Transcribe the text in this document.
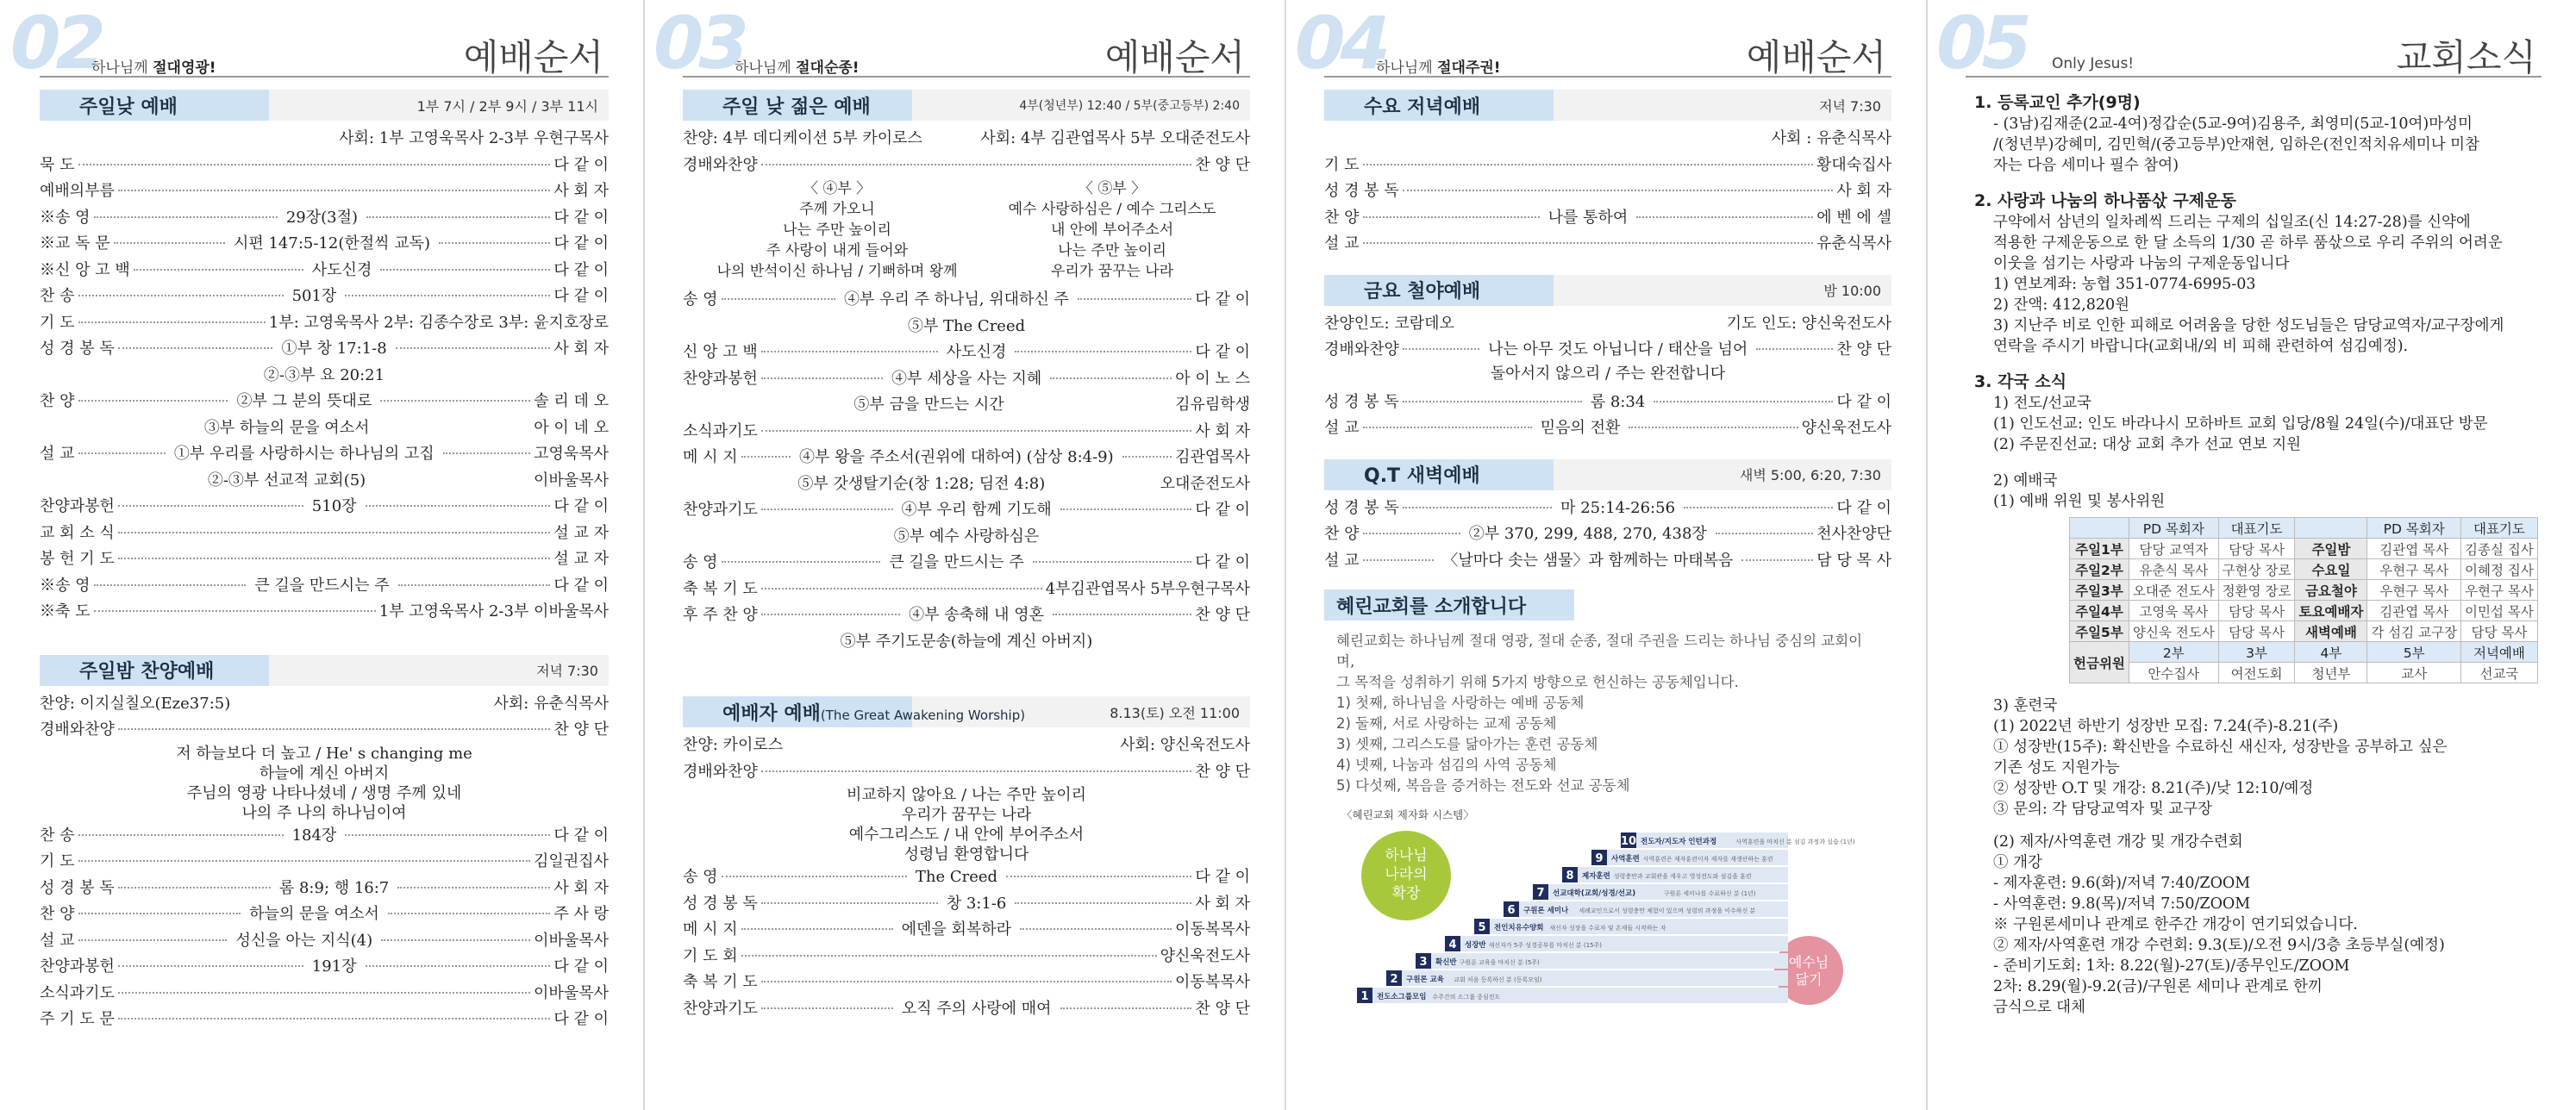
02
하나님께 절대영광!	예배순서
주일낮 예배	1부 7시 / 2부 9시 / 3부 11시
사회: 1부 고영욱목사 2-3부 우현구목사
묵 도	다 같 이
예배의부름	사 회 자
※송 영	29장(3절)	다 같 이
※교 독 문	시편 147:5-12(한절씩 교독)	다 같 이
※신 앙 고 백	사도신경	다 같 이
찬 송	501장	다 같 이
기 도	1부: 고영욱목사 2부: 김종수장로 3부: 윤지호장로
성 경 봉 독	①부 창 17:1-8	사 회 자
②-③부 요 20:21
찬 양	②부 그 분의 뜻대로	솔 리 데 오
③부 하늘의 문을 여소서	아 이 네 오
설 교	①부 우리를 사랑하시는 하나님의 고집	고영욱목사
②-③부 선교적 교회(5)	이바울목사
찬양과봉헌	510장	다 같 이
교 회 소 식	설 교 자
봉 헌 기 도	설 교 자
※송 영	큰 길을 만드시는 주	다 같 이
※축 도	1부 고영욱목사 2-3부 이바울목사
주일밤 찬양예배	저녁 7:30
찬양: 이지실칠오(Eze37:5)	사회: 유춘식목사
경배와찬양	찬 양 단
저 하늘보다 더 높고 / He' s changing me
하늘에 계신 아버지
주님의 영광 나타나셨네 / 생명 주께 있네
나의 주 나의 하나님이여
찬 송	184장	다 같 이
기 도	김일권집사
성 경 봉 독	롬 8:9; 행 16:7	사 회 자
찬 양	하늘의 문을 여소서	주 사 랑
설 교	성신을 아는 지식(4)	이바울목사
찬양과봉헌	191장	다 같 이
소식과기도	이바울목사
주 기 도 문	다 같 이
03
하나님께 절대순종!	예배순서
주일 낮 젊은 예배	4부(청년부) 12:40 / 5부(중고등부) 2:40
찬양: 4부 데디케이션 5부 카이로스	사회: 4부 김관엽목사 5부 오대준전도사
경배와찬양	찬 양 단
〈 ④부 〉
주께 가오니
나는 주만 높이리
주 사랑이 내게 들어와
나의 반석이신 하나님 / 기뻐하며 왕께
〈 ⑤부 〉
예수 사랑하심은 / 예수 그리스도
내 안에 부어주소서
나는 주만 높이리
우리가 꿈꾸는 나라
송 영	④부 우리 주 하나님, 위대하신 주	다 같 이
⑤부 The Creed
신 앙 고 백	사도신경	다 같 이
찬양과봉헌	④부 세상을 사는 지혜	아 이 노 스
⑤부 금을 만드는 시간	김유림학생
소식과기도	사 회 자
메 시 지	④부 왕을 주소서(권위에 대하여) (삼상 8:4-9)	김관엽목사
⑤부 갓생탈기순(창 1:28; 딤전 4:8)	오대준전도사
찬양과기도	④부 우리 함께 기도해	다 같 이
⑤부 예수 사랑하심은
송 영	큰 길을 만드시는 주	다 같 이
축 복 기 도	4부김관엽목사 5부우현구목사
후 주 찬 양	④부 송축해 내 영혼	찬 양 단
⑤부 주기도문송(하늘에 계신 아버지)
예배자 예배(The Great Awakening Worship)	8.13(토) 오전 11:00
찬양: 카이로스	사회: 양신욱전도사
경배와찬양	찬 양 단
비교하지 않아요 / 나는 주만 높이리
우리가 꿈꾸는 나라
예수그리스도 / 내 안에 부어주소서
성령님 환영합니다
송 영	The Creed	다 같 이
성 경 봉 독	창 3:1-6	사 회 자
메 시 지	에덴을 회복하라	이동복목사
기 도 회	양신욱전도사
축 복 기 도	이동복목사
찬양과기도	오직 주의 사랑에 매여	찬 양 단
04
하나님께 절대주권!	예배순서
수요 저녁예배	저녁 7:30
사회 : 유춘식목사
기 도	황대숙집사
성 경 봉 독	사 회 자
찬 양	나를 통하여	에 벤 에 셀
설 교	유춘식목사
금요 철야예배	밤 10:00
찬양인도: 코람데오	기도 인도: 양신욱전도사
경배와찬양	나는 아무 것도 아닙니다 / 태산을 넘어	찬 양 단
돌아서지 않으리 / 주는 완전합니다
성 경 봉 독	롬 8:34	다 같 이
설 교	믿음의 전환	양신욱전도사
Q.T 새벽예배	새벽 5:00, 6:20, 7:30
성 경 봉 독	마 25:14-26:56	다 같 이
찬 양	②부 370, 299, 488, 270, 438장	천사찬양단
설 교	〈날마다 솟는 샘물〉과 함께하는 마태복음	담 당 목 사
혜린교회를 소개합니다
혜린교회는 하나님께 절대 영광, 절대 순종, 절대 주권을 드리는 하나님 중심의 교회이며,
그 목적을 성취하기 위해 5가지 방향으로 헌신하는 공동체입니다.
1) 첫째, 하나님을 사랑하는 예배 공동체
2) 둘째, 서로 사랑하는 교제 공동체
3) 셋째, 그리스도를 닮아가는 훈련 공동체
4) 넷째, 나눔과 섬김의 사역 공동체
5) 다섯째, 복음을 증거하는 전도와 선교 공동체
〈혜린교회 제자화 시스템〉
하나님
나라의
확장
예수님
닮기
1 전도소그룹모임 수주간의 소그룹 중심전도
2 구원론 교육 교회 처음 등록하신 분 (등록모임)
3 확신반 구원론 교육을 마치신 분 (5주)
4 성장반 새신자가 5주 성경공부를 마치신 분 (15주)
5 전인치유수양회 새신자 성장을 수료자 및 온세들 시작하는 자
6 구원론 세미나 세례교인으로서 성령충만 체험이 있으며 성령의 과정을 이수하신 분
7 선교대학(교회/성경/선교)	구원론 세미나를 수료하신 분 (1년)
8 제자훈련 성령충만과 교회관을 세우고 영성전도와 섬김을 훈련
9 사역훈련 사역훈련은 제자훈련이자 제자를 재생산하는 훈련
10 전도자/지도자 인턴과정	사역훈련을 마치신 분 섬김 과정과 실습 (1년)
05 Only Jesus!	교회소식
1. 등록교인 추가(9명)
- (3남)김재준(2교-4여)정갑순(5교-9여)김용주, 최영미(5교-10여)마성미
/(청년부)강혜미, 김민혁/(중고등부)안재현, 임하은(전인적치유세미나 미참
자는 다음 세미나 필수 참여)
2. 사랑과 나눔의 하나품삯 구제운동
구약에서 삼년의 일차례씩 드리는 구제의 십일조(신 14:27-28)를 신약에
적용한 구제운동으로 한 달 소득의 1/30 곧 하루 품삯으로 우리 주위의 어려운
이웃을 섬기는 사랑과 나눔의 구제운동입니다
1) 연보계좌: 농협 351-0774-6995-03
2) 잔액: 412,820원
3) 지난주 비로 인한 피해로 어려움을 당한 성도님들은 담당교역자/교구장에게
연락을 주시기 바랍니다(교회내/외 비 피해 관련하여 섬김예정).
3. 각국 소식
1) 전도/선교국
(1) 인도선교: 인도 바라나시 모하바트 교회 입당/8월 24일(수)/대표단 방문
(2) 주문진선교: 대상 교회 추가 선교 연보 지원
2) 예배국
(1) 예배 위원 및 봉사위원
	PD 목회자	대표기도		PD 목회자	대표기도
주일1부	담당 교역자	담당 목사	주일밤	김관엽 목사	김종실 집사
주일2부	유춘식 목사	구현상 장로	수요일	우현구 목사	이혜정 집사
주일3부	오대준 전도사	정환영 장로	금요철야	우현구 목사	우현구 목사
주일4부	고영욱 목사	담당 목사	토요예배자	김관엽 목사	이민섭 목사
주일5부	양신욱 전도사	담당 목사	새벽예배	각 섬김 교구장	담당 목사
헌금위원	2부	3부	4부	5부	저녁예배
	안수집사	여전도회	청년부	교사	선교국
3) 훈련국
(1) 2022년 하반기 성장반 모집: 7.24(주)-8.21(주)
① 성장반(15주): 확신반을 수료하신 새신자, 성장반을 공부하고 싶은
기존 성도 지원가능
② 성장반 O.T 및 개강: 8.21(주)/낮 12:10/예정
③ 문의: 각 담당교역자 및 교구장
(2) 제자/사역훈련 개강 및 개강수련회
① 개강
- 제자훈련: 9.6(화)/저녁 7:40/ZOOM
- 사역훈련: 9.8(목)/저녁 7:50/ZOOM
※ 구원론세미나 관계로 한주간 개강이 연기되었습니다.
② 제자/사역훈련 개강 수련회: 9.3(토)/오전 9시/3층 초등부실(예정)
- 준비기도회: 1차: 8.22(월)-27(토)/종무인도/ZOOM
2차: 8.29(월)-9.2(금)/구원론 세미나 관계로 한끼
금식으로 대체
